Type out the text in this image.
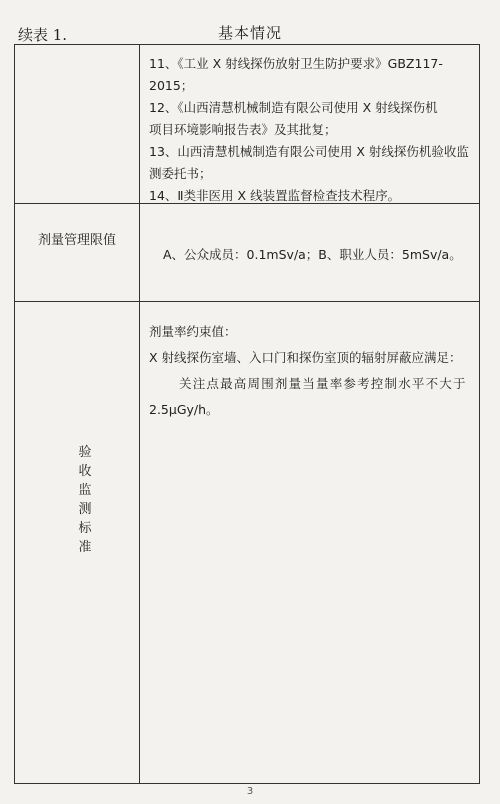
续表 1.	基本情况

11、《工业 X 射线探伤放射卫生防护要求》GBZ117-2015；

12、《山西清慧机械制造有限公司使用 X 射线探伤机

项目环境影响报告表》及其批复；

13、山西清慧机械制造有限公司使用 X 射线探伤机验收监

测委托书；

14、Ⅱ类非医用 X 线装置监督检查技术程序。

剂量管理限值
A、公众成员：0.1mSv/a；B、职业人员：5mSv/a。
验收监测标准

剂量率约束值：

X 射线探伤室墙、入口门和探伤室顶的辐射屏蔽应满足：

关注点最高周围剂量当量率参考控制水平不大于

2.5μGy/h。

3
